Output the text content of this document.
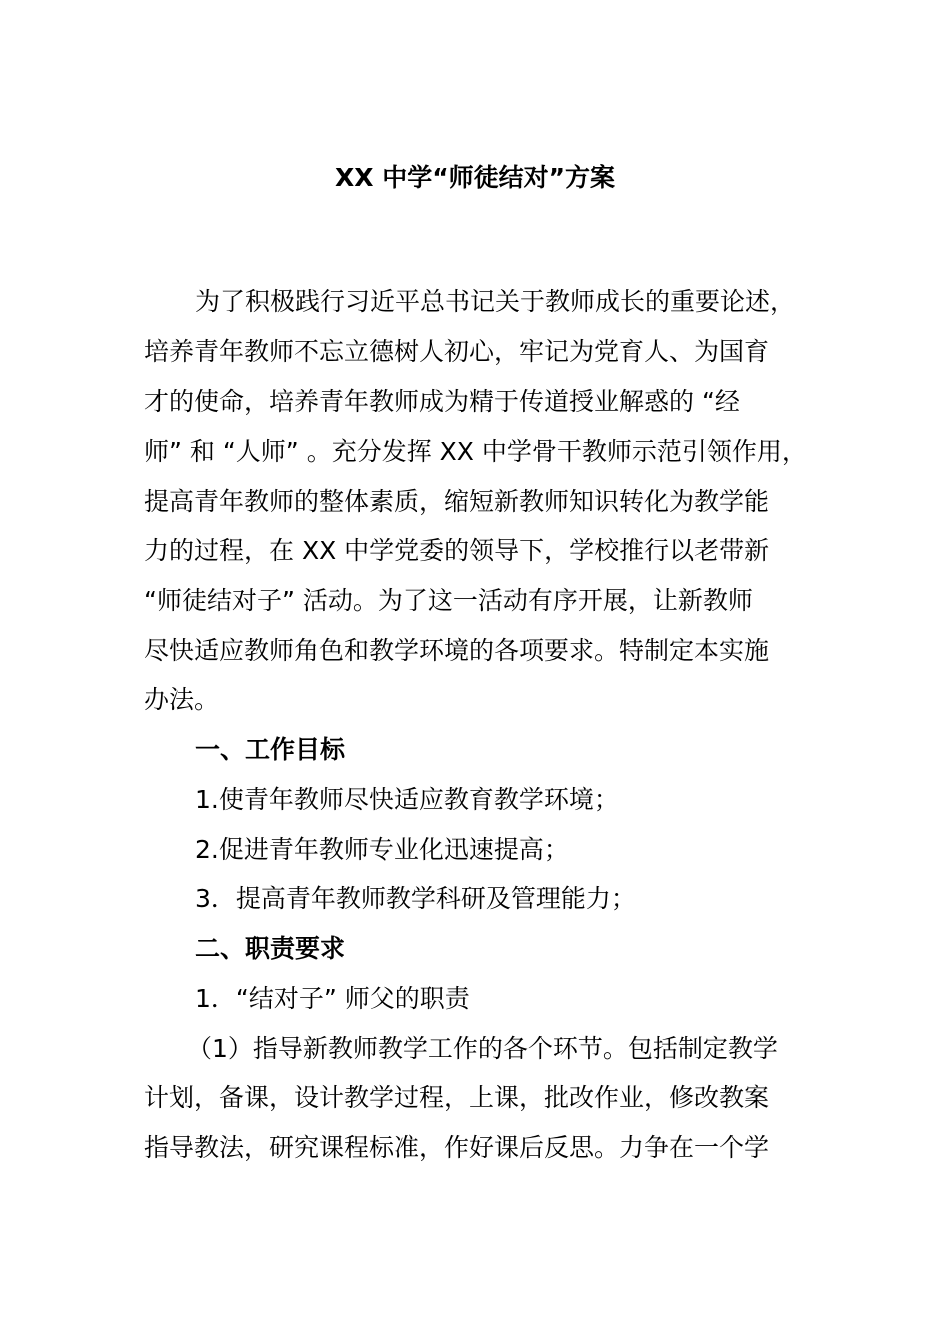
XX 中学“师徒结对”方案

为了积极践行习近平总书记关于教师成长的重要论述，

培养青年教师不忘立德树人初心，牢记为党育人、为国育

才的使命，培养青年教师成为精于传道授业解惑的 “经

师” 和 “人师” 。充分发挥 XX 中学骨干教师示范引领作用，

提高青年教师的整体素质，缩短新教师知识转化为教学能

力的过程，在 XX 中学党委的领导下，学校推行以老带新

“师徒结对子” 活动。为了这一活动有序开展，让新教师

尽快适应教师角色和教学环境的各项要求。特制定本实施

办法。

一、工作目标

1.使青年教师尽快适应教育教学环境；

2.促进青年教师专业化迅速提高；

3．提高青年教师教学科研及管理能力；

二、职责要求

1．“结对子” 师父的职责

（1）指导新教师教学工作的各个环节。包括制定教学

计划，备课，设计教学过程，上课，批改作业，修改教案

指导教法，研究课程标准，作好课后反思。力争在一个学
